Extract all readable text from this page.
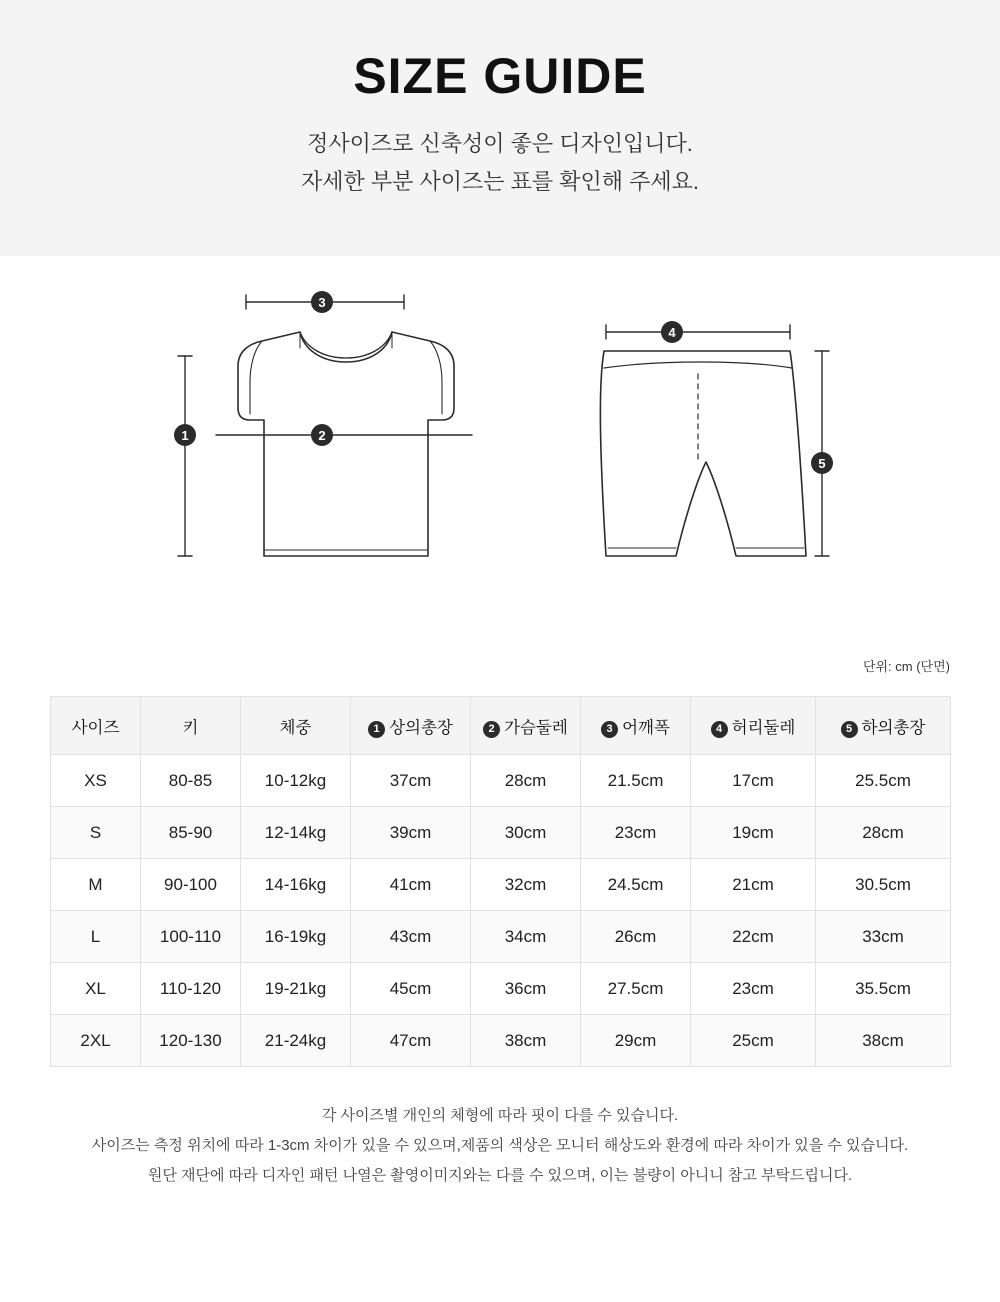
SIZE GUIDE
정사이즈로 신축성이 좋은 디자인입니다.
자세한 부분 사이즈는 표를 확인해 주세요.
1	2
3
4
5
단위: cm (단면)
사이즈	키	체중	1 상의총장	2 가슴둘레	3 어깨폭	4 허리둘레	5 하의총장
XS	80-85	10-12kg	37cm	28cm	21.5cm	17cm	25.5cm
S	85-90	12-14kg	39cm	30cm	23cm	19cm	28cm
M	90-100	14-16kg	41cm	32cm	24.5cm	21cm	30.5cm
L	100-110	16-19kg	43cm	34cm	26cm	22cm	33cm
XL	110-120	19-21kg	45cm	36cm	27.5cm	23cm	35.5cm
2XL	120-130	21-24kg	47cm	38cm	29cm	25cm	38cm
각 사이즈별 개인의 체형에 따라 핏이 다를 수 있습니다.
사이즈는 측정 위치에 따라 1-3cm 차이가 있을 수 있으며,제품의 색상은 모니터 해상도와 환경에 따라 차이가 있을 수 있습니다.
원단 재단에 따라 디자인 패턴 나열은 촬영이미지와는 다를 수 있으며, 이는 불량이 아니니 참고 부탁드립니다.
